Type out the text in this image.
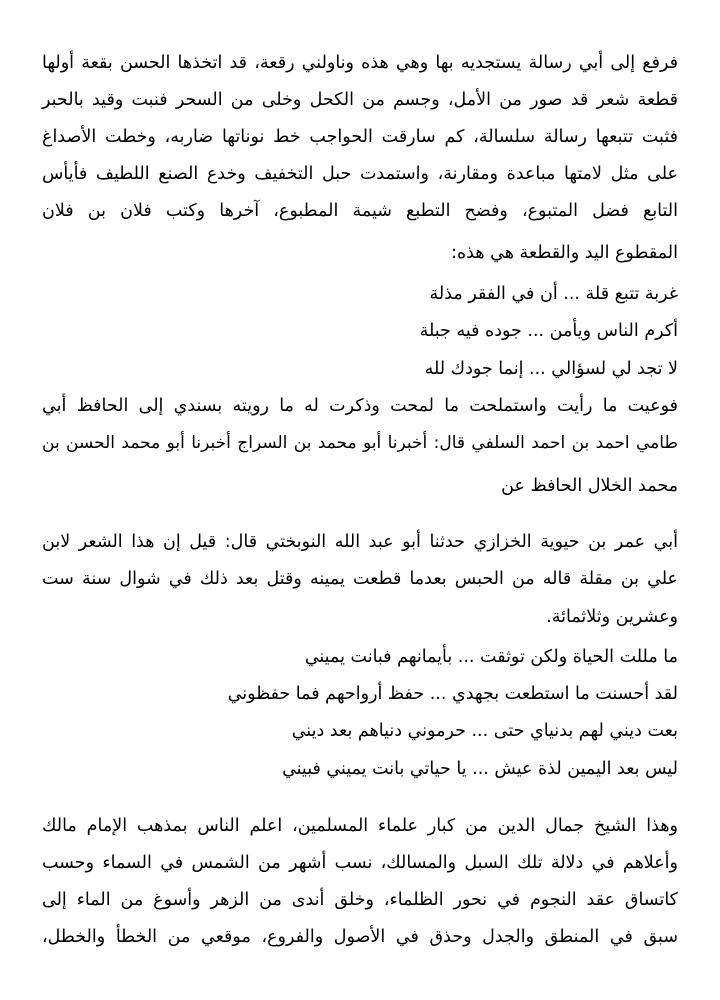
فرفع إلى أبي رسالة يستجديه بها وهي هذه وناولني رقعة، قد اتخذها الحسن بقعة أولها
قطعة شعر قد صور من الأمل، وجسم من الكحل وخلى من السحر فنبت وقيد بالحبر
فثبت تتبعها رسالة سلسالة، كم سارقت الحواجب خط نوناتها ضاربه، وخطت الأصداغ
على مثل لامتها مباعدة ومقارنة، واستمدت حبل التخفيف وخدع الصنع اللطيف فأيأس
التابع فضل المتبوع، وفضح التطبع شيمة المطبوع، آخرها وكتب فلان بن فلان
المقطوع اليد والقطعة هي هذه:
غربة تتبع قلة ... أن في الفقر مذلة
أكرم الناس ويأمن ... جوده فيه جبلة
لا تجد لي لسؤالي ... إنما جودك لله
فوعيت ما رأيت واستملحت ما لمحت وذكرت له ما رويته بسندي إلى الحافظ أبي
طامي احمد بن احمد السلفي قال: أخبرنا أبو محمد بن السراج أخبرنا أبو محمد الحسن بن
محمد الخلال الحافظ عن
أبي عمر بن حيوية الخزازي حدثنا أبو عبد الله النوبختي قال: قيل إن هذا الشعر لابن
علي بن مقلة قاله من الحبس بعدما قطعت يمينه وقتل بعد ذلك في شوال سنة ست
وعشرين وثلاثمائة.
ما مللت الحياة ولكن توثقت ... بأيمانهم فبانت يميني
لقد أحسنت ما استطعت بجهدي ... حفظ أرواحهم فما حفظوني
بعت ديني لهم بدنياي حتى ... حرموني دنياهم بعد ديني
ليس بعد اليمين لذة عيش ... يا حياتي بانت يميني فبيني
وهذا الشيخ جمال الدين من كبار علماء المسلمين، اعلم الناس بمذهب الإمام مالك
وأعلاهم في دلالة تلك السبل والمسالك، نسب أشهر من الشمس في السماء وحسب
كاتساق عقد النجوم في نحور الظلماء، وخلق أندى من الزهر وأسوغ من الماء إلى
سبق في المنطق والجدل وحذق في الأصول والفروع، موقعي من الخطأ والخطل،
